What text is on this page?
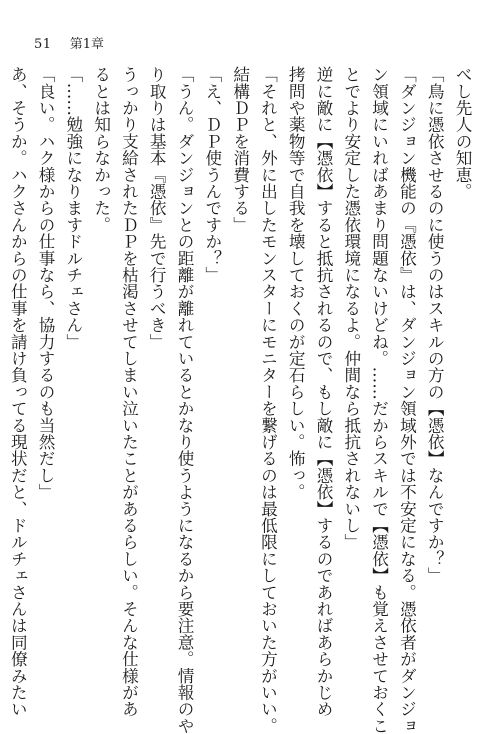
51 第1章
べし先人の知恵。
「鳥に憑依させるのに使うのはスキルの方の【憑依】なんですか？」
「ダンジョン機能の『憑依』は、ダンジョン領域外では不安定になる。憑依者がダンジョ
ン領域にいればあまり問題ないけどね。……だからスキルで【憑依】も覚えさせておくこ
とでより安定した憑依環境になるよ。仲間なら抵抗されないし」
逆に敵に【憑依】すると抵抗されるので、もし敵に【憑依】するのであればあらかじめ
拷問や薬物等で自我を壊しておくのが定石らしい。怖っ。
「それと、外に出したモンスターにモニターを繋げるのは最低限にしておいた方がいい。
結構ＤＰを消費する」
「え、ＤＰ使うんですか？」
「うん。ダンジョンとの距離が離れているとかなり使うようになるから要注意。情報のや
り取りは基本『憑依』先で行うべき」
うっかり支給されたＤＰを枯渇させてしまい泣いたことがあるらしい。そんな仕様があ
るとは知らなかった。
「……勉強になりますドルチェさん」
「良い。ハク様からの仕事なら、協力するのも当然だし」
あ、そうか。ハクさんからの仕事を請け負ってる現状だと、ドルチェさんは同僚みたい
